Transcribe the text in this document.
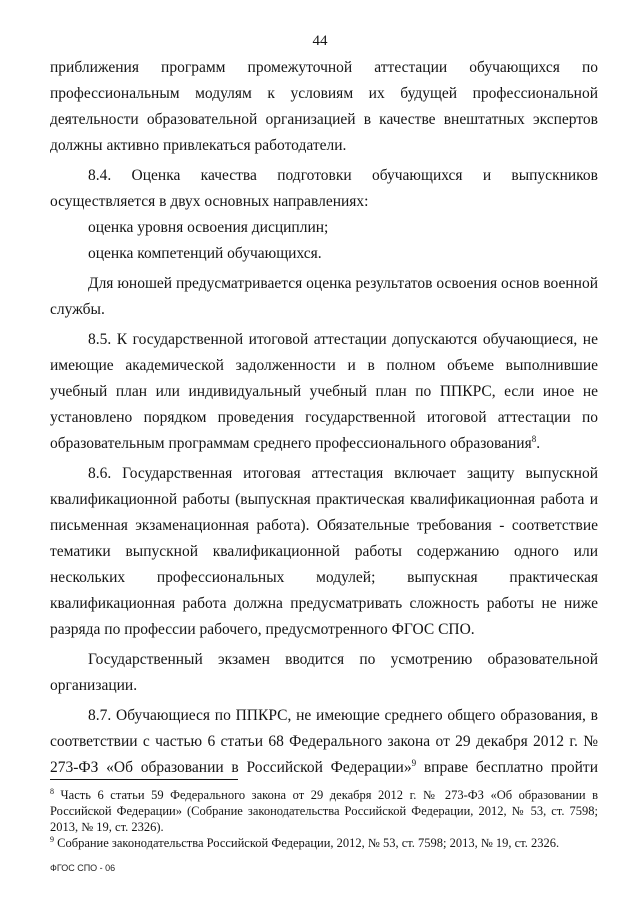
44

приближения программ промежуточной аттестации обучающихся по профессиональным модулям к условиям их будущей профессиональной деятельности образовательной организацией в качестве внештатных экспертов должны активно привлекаться работодатели.

8.4. Оценка качества подготовки обучающихся и выпускников осуществляется в двух основных направлениях:

оценка уровня освоения дисциплин;

оценка компетенций обучающихся.

Для юношей предусматривается оценка результатов освоения основ военной службы.

8.5. К государственной итоговой аттестации допускаются обучающиеся, не имеющие академической задолженности и в полном объеме выполнившие учебный план или индивидуальный учебный план по ППКРС, если иное не установлено порядком проведения государственной итоговой аттестации по образовательным программам среднего профессионального образования$^8$.

8.6. Государственная итоговая аттестация включает защиту выпускной квалификационной работы (выпускная практическая квалификационная работа и письменная экзаменационная работа). Обязательные требования - соответствие тематики выпускной квалификационной работы содержанию одного или нескольких профессиональных модулей; выпускная практическая квалификационная работа должна предусматривать сложность работы не ниже разряда по профессии рабочего, предусмотренного ФГОС СПО.

Государственный экзамен вводится по усмотрению образовательной организации.

8.7. Обучающиеся по ППКРС, не имеющие среднего общего образования, в соответствии с частью 6 статьи 68 Федерального закона от 29 декабря 2012 г. № 273-ФЗ «Об образовании в Российской Федерации»$^9$ вправе бесплатно пройти

$^8$ Часть 6 статьи 59 Федерального закона от 29 декабря 2012 г. № 273-ФЗ «Об образовании в Российской Федерации» (Собрание законодательства Российской Федерации, 2012, № 53, ст. 7598; 2013, № 19, ст. 2326).

$^9$ Собрание законодательства Российской Федерации, 2012, № 53, ст. 7598; 2013, № 19, ст. 2326.

ФГОС СПО - 06
